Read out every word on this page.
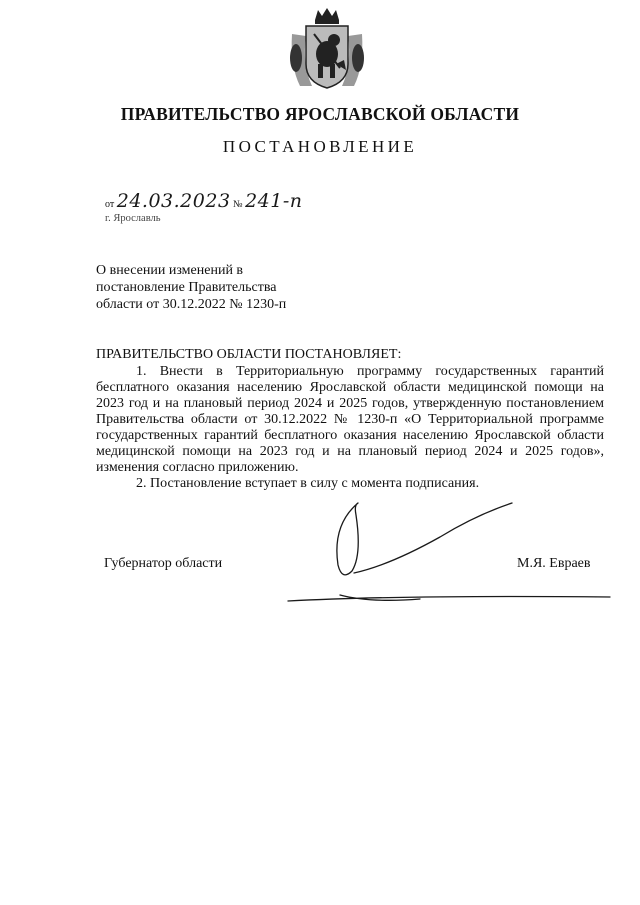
ПРАВИТЕЛЬСТВО ЯРОСЛАВСКОЙ ОБЛАСТИ
ПОСТАНОВЛЕНИЕ
от 24.03.2023 № 241-п
г. Ярославль
О внесении изменений в
постановление Правительства
области от 30.12.2022 № 1230-п
ПРАВИТЕЛЬСТВО ОБЛАСТИ ПОСТАНОВЛЯЕТ:

1. Внести в Территориальную программу государственных гарантий бесплатного оказания населению Ярославской области медицинской помощи на 2023 год и на плановый период 2024 и 2025 годов, утвержденную постановлением Правительства области от 30.12.2022 № 1230-п «О Территориальной программе государственных гарантий бесплатного оказания населению Ярославской области медицинской помощи на 2023 год и на плановый период 2024 и 2025 годов», изменения согласно приложению.

2. Постановление вступает в силу с момента подписания.

Губернатор области	М.Я. Евраев
